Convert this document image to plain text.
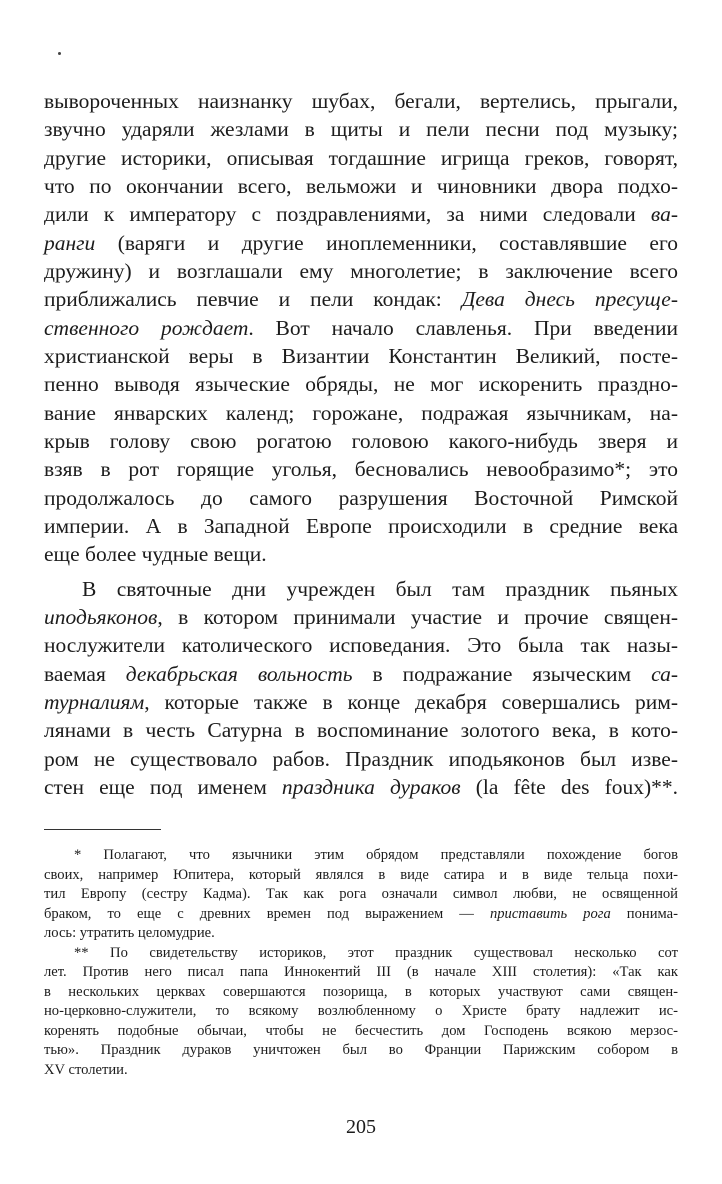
вывороченных наизнанку шубах, бегали, вертелись, прыгали,
звучно ударяли жезлами в щиты и пели песни под музыку;
другие историки, описывая тогдашние игрища греков, говорят,
что по окончании всего, вельможи и чиновники двора подхо-
дили к императору с поздравлениями, за ними следовали ва-
ранги (варяги и другие иноплеменники, составлявшие его
дружину) и возглашали ему многолетие; в заключение всего
приближались певчие и пели кондак: Дева днесь пресуще-
ственного рождает. Вот начало славленья. При введении
христианской веры в Византии Константин Великий, посте-
пенно выводя языческие обряды, не мог искоренить праздно-
вание январских календ; горожане, подражая язычникам, на-
крыв голову свою рогатою головою какого-нибудь зверя и
взяв в рот горящие уголья, бесновались невообразимо*; это
продолжалось до самого разрушения Восточной Римской
империи. А в Западной Европе происходили в средние века
еще более чудные вещи.
В святочные дни учрежден был там праздник пьяных
иподьяконов, в котором принимали участие и прочие священ-
нослужители католического исповедания. Это была так назы-
ваемая декабрьская вольность в подражание языческим са-
турналиям, которые также в конце декабря совершались рим-
лянами в честь Сатурна в воспоминание золотого века, в кото-
ром не существовало рабов. Праздник иподьяконов был изве-
стен еще под именем праздника дураков (la fête des foux)**.
* Полагают, что язычники этим обрядом представляли похождение богов
своих, например Юпитера, который являлся в виде сатира и в виде тельца похи-
тил Европу (сестру Кадма). Так как рога означали символ любви, не освященной
браком, то еще с древних времен под выражением — приставить рога понима-
лось: утратить целомудрие.
** По свидетельству историков, этот праздник существовал несколько сот
лет. Против него писал папа Иннокентий III (в начале XIII столетия): «Так как
в нескольких церквах совершаются позорища, в которых участвуют сами священ-
но-церковно-служители, то всякому возлюбленному о Христе брату надлежит ис-
коренять подобные обычаи, чтобы не бесчестить дом Господень всякою мерзос-
тью». Праздник дураков уничтожен был во Франции Парижским собором в
XV столетии.
205
